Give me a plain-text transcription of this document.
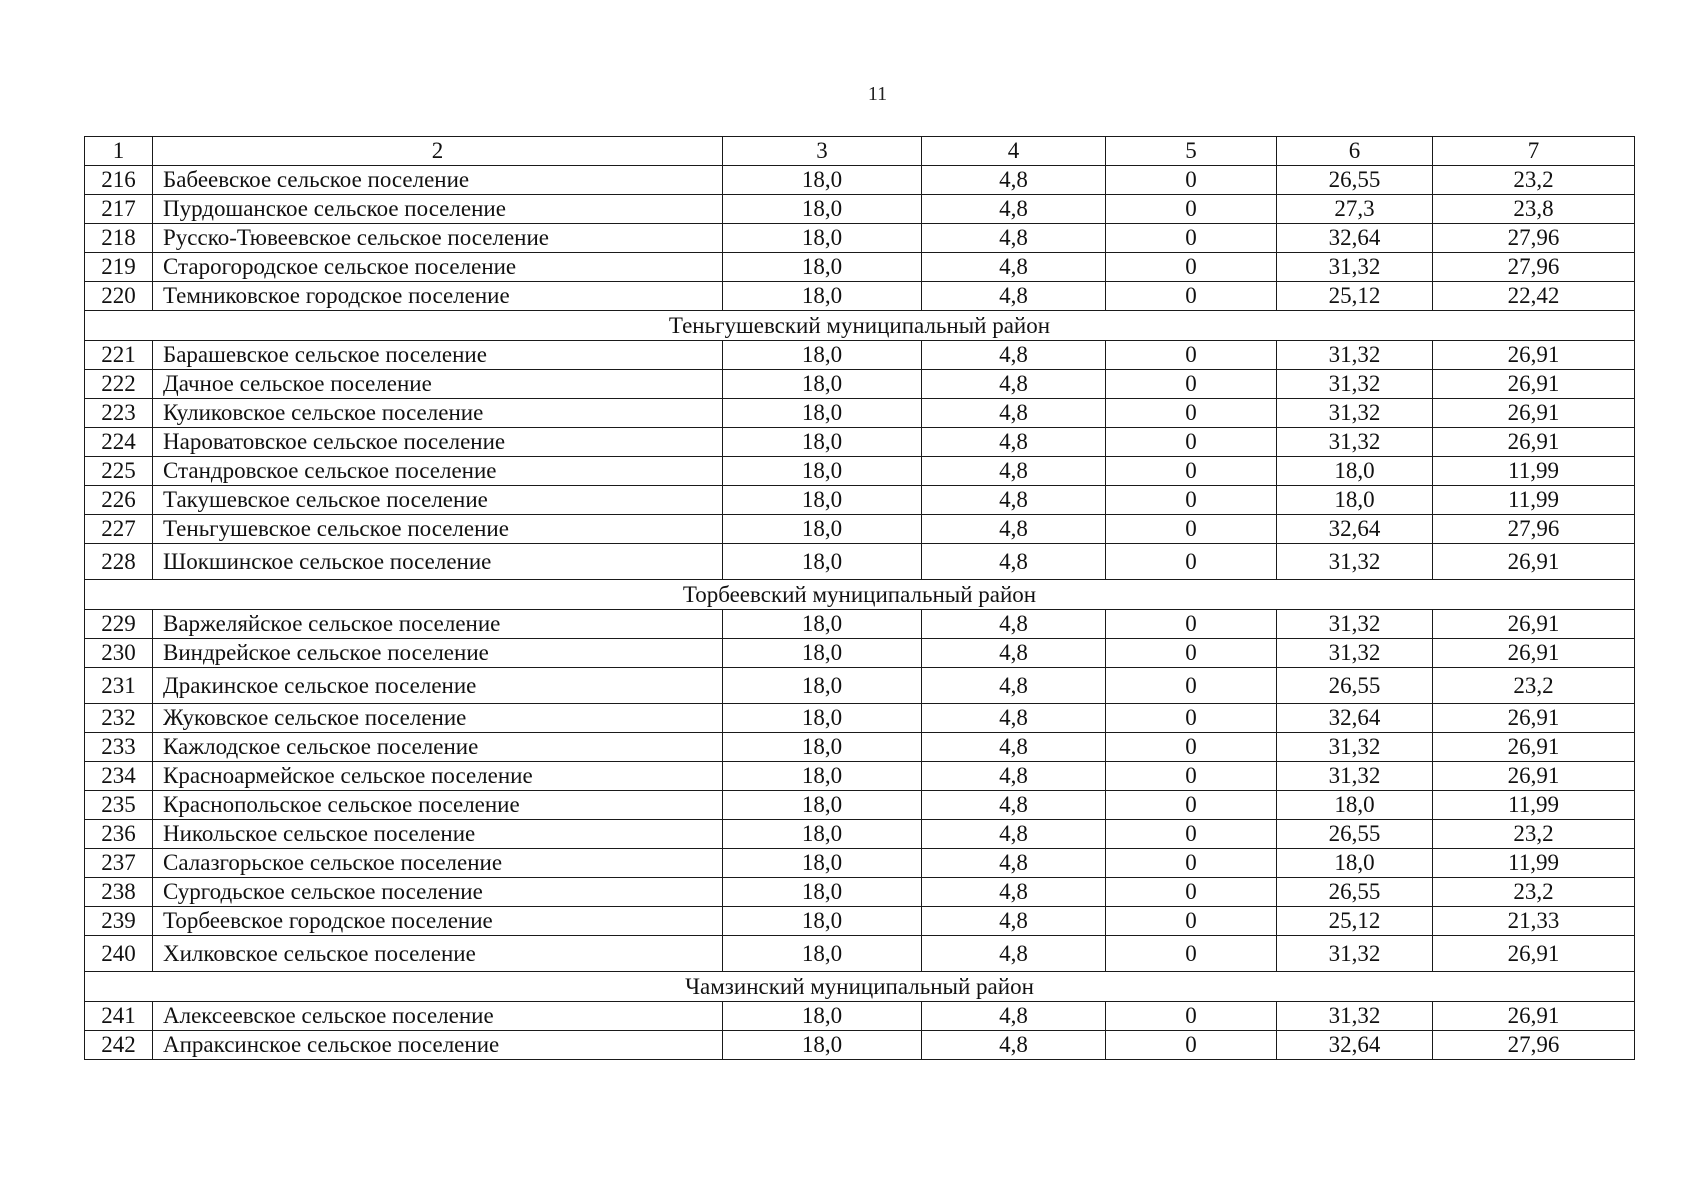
11
1	2	3	4	5	6	7
216	Бабеевское сельское поселение	18,0	4,8	0	26,55	23,2
217	Пурдошанское сельское поселение	18,0	4,8	0	27,3	23,8
218	Русско-Тювеевское сельское поселение	18,0	4,8	0	32,64	27,96
219	Старогородское сельское поселение	18,0	4,8	0	31,32	27,96
220	Темниковское городское поселение	18,0	4,8	0	25,12	22,42
Теньгушевский муниципальный район						
221	Барашевское сельское поселение	18,0	4,8	0	31,32	26,91
222	Дачное сельское поселение	18,0	4,8	0	31,32	26,91
223	Куликовское сельское поселение	18,0	4,8	0	31,32	26,91
224	Нароватовское сельское поселение	18,0	4,8	0	31,32	26,91
225	Стандровское сельское поселение	18,0	4,8	0	18,0	11,99
226	Такушевское сельское поселение	18,0	4,8	0	18,0	11,99
227	Теньгушевское сельское поселение	18,0	4,8	0	32,64	27,96
228	Шокшинское сельское поселение	18,0	4,8	0	31,32	26,91
Торбеевский муниципальный район						
229	Варжеляйское сельское поселение	18,0	4,8	0	31,32	26,91
230	Виндрейское сельское поселение	18,0	4,8	0	31,32	26,91
231	Дракинское сельское поселение	18,0	4,8	0	26,55	23,2
232	Жуковское сельское поселение	18,0	4,8	0	32,64	26,91
233	Кажлодское сельское поселение	18,0	4,8	0	31,32	26,91
234	Красноармейское сельское поселение	18,0	4,8	0	31,32	26,91
235	Краснопольское сельское поселение	18,0	4,8	0	18,0	11,99
236	Никольское сельское поселение	18,0	4,8	0	26,55	23,2
237	Салазгорьское сельское поселение	18,0	4,8	0	18,0	11,99
238	Сургодьское сельское поселение	18,0	4,8	0	26,55	23,2
239	Торбеевское городское поселение	18,0	4,8	0	25,12	21,33
240	Хилковское сельское поселение	18,0	4,8	0	31,32	26,91
Чамзинский муниципальный район						
241	Алексеевское сельское поселение	18,0	4,8	0	31,32	26,91
242	Апраксинское сельское поселение	18,0	4,8	0	32,64	27,96
